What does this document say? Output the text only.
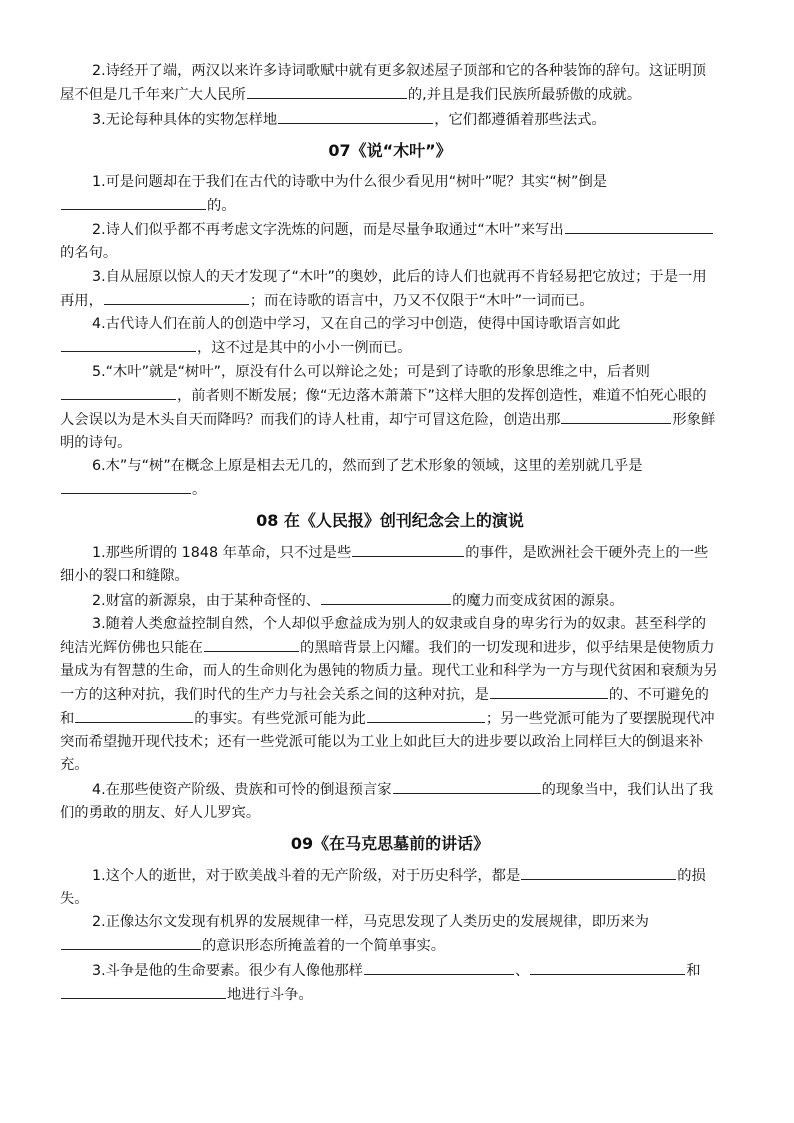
2.诗经开了端，两汉以来许多诗词歌赋中就有更多叙述屋子顶部和它的各种装饰的辞句。这证明顶屋不但是几千年来广大人民所	的,并且是我们民族所最骄傲的成就。

3.无论每种具体的实物怎样地	，它们都遵循着那些法式。

07《说“木叶”》

1.可是问题却在于我们在古代的诗歌中为什么很少看见用“树叶”呢？其实“树”倒是的。

2.诗人们似乎都不再考虑文字洗炼的问题，而是尽量争取通过“木叶”来写出的名句。

3.自从屈原以惊人的天才发现了“木叶”的奥妙，此后的诗人们也就再不肯轻易把它放过；于是一用再用，	；而在诗歌的语言中，乃又不仅限于“木叶”一词而已。

4.古代诗人们在前人的创造中学习，又在自己的学习中创造，使得中国诗歌语言如此，这不过是其中的小小一例而已。

5.“木叶”就是“树叶”，原没有什么可以辩论之处；可是到了诗歌的形象思维之中，后者则，前者则不断发展；像“无边落木萧萧下”这样大胆的发挥创造性，难道不怕死心眼的人会误以为是木头自天而降吗？而我们的诗人杜甫，却宁可冒这危险，创造出那	形象鲜明的诗句。

6.木”与“树”在概念上原是相去无几的，然而到了艺术形象的领域，这里的差别就几乎是。

08 在《人民报》创刊纪念会上的演说

1.那些所谓的 1848 年革命，只不过是些	的事件，是欧洲社会干硬外壳上的一些细小的裂口和缝隙。

2.财富的新源泉，由于某种奇怪的、	的魔力而变成贫困的源泉。

3.随着人类愈益控制自然，个人却似乎愈益成为别人的奴隶或自身的卑劣行为的奴隶。甚至科学的纯洁光辉仿佛也只能在	的黑暗背景上闪耀。我们的一切发现和进步，似乎结果是使物质力量成为有智慧的生命，而人的生命则化为愚钝的物质力量。现代工业和科学为一方与现代贫困和衰颓为另一方的这种对抗，我们时代的生产力与社会关系之间的这种对抗，是	的、不可避免的和	的事实。有些党派可能为此	；另一些党派可能为了要摆脱现代冲突而希望抛开现代技术；还有一些党派可能以为工业上如此巨大的进步要以政治上同样巨大的倒退来补充。

4.在那些使资产阶级、贵族和可怜的倒退预言家	的现象当中，我们认出了我们的勇敢的朋友、好人儿罗宾。

09《在马克思墓前的讲话》

1.这个人的逝世，对于欧美战斗着的无产阶级，对于历史科学，都是	的损失。

2.正像达尔文发现有机界的发展规律一样，马克思发现了人类历史的发展规律，即历来为的意识形态所掩盖着的一个简单事实。

3.斗争是他的生命要素。很少有人像他那样	、	和　地进行斗争。
